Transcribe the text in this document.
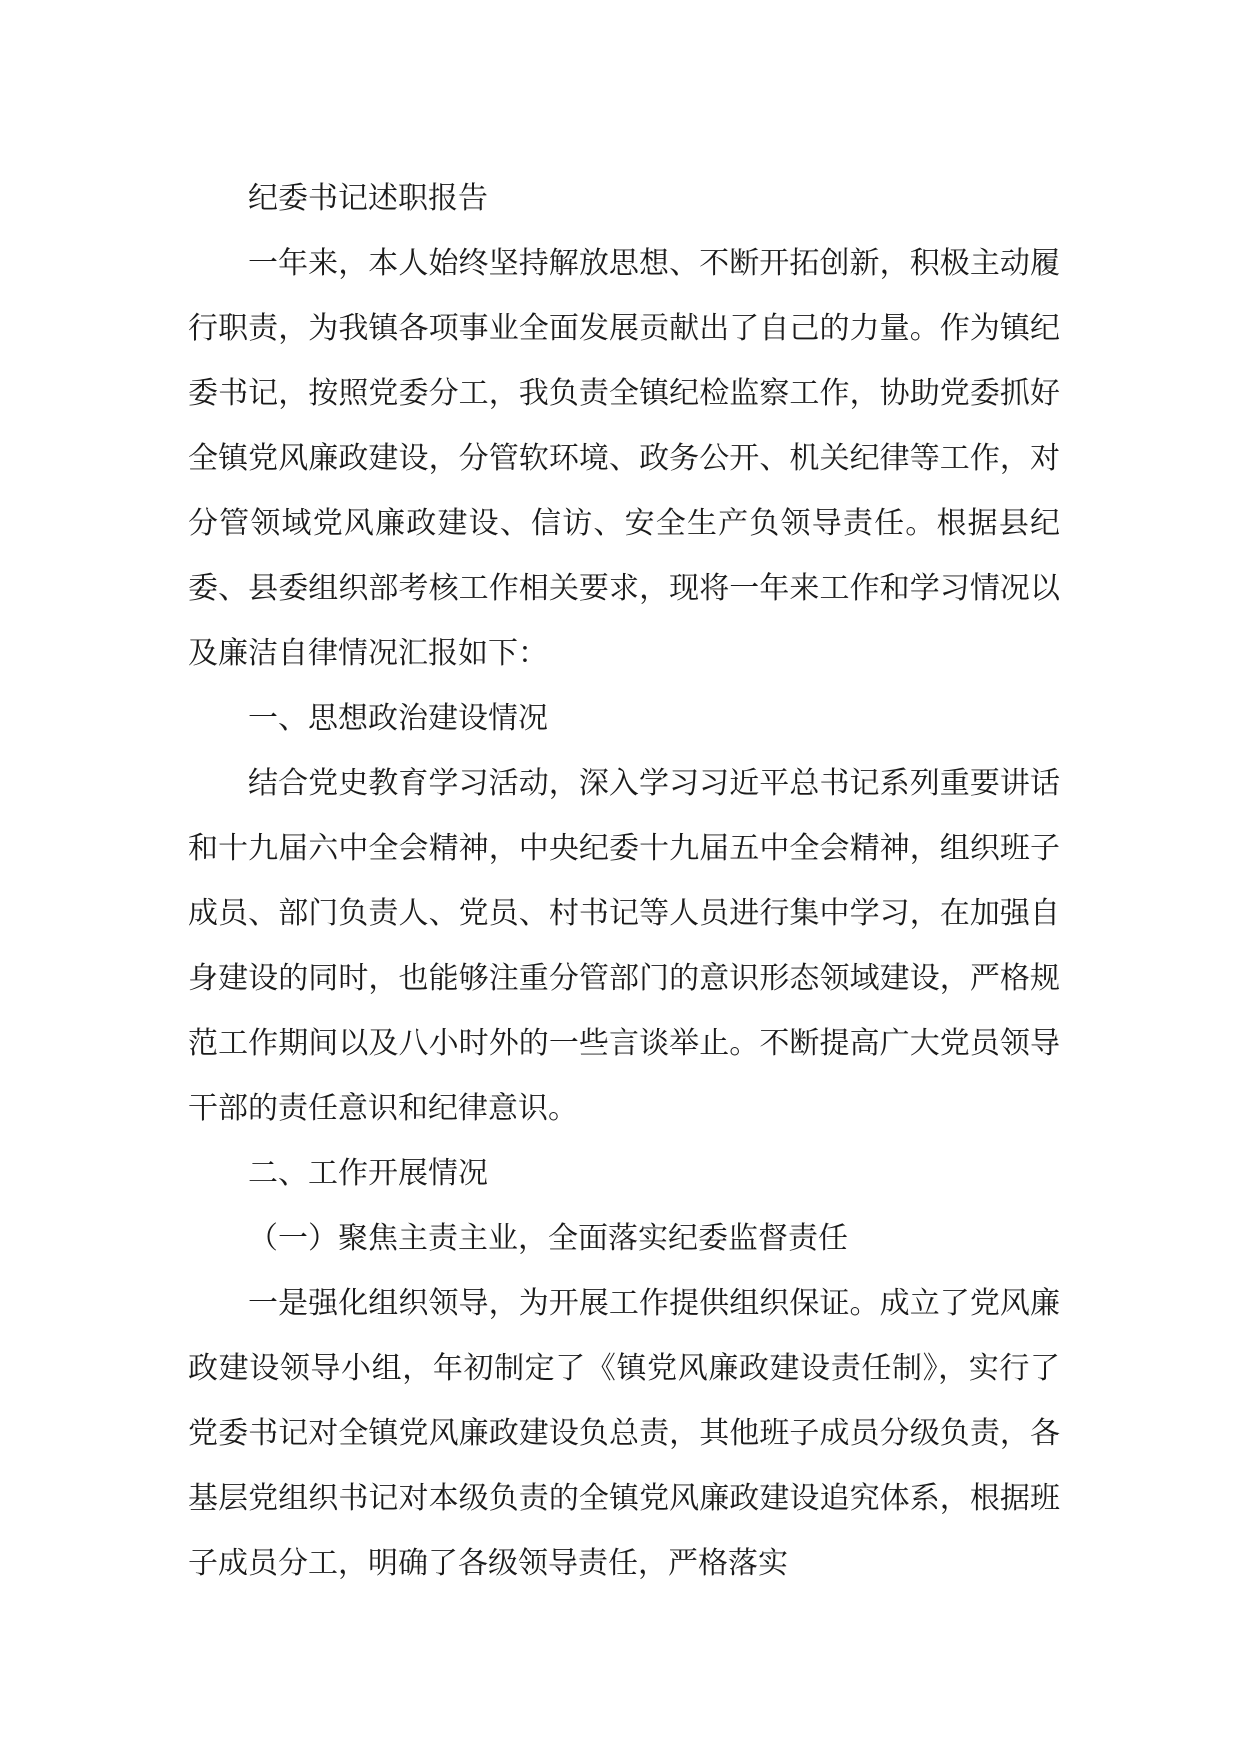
纪委书记述职报告

一年来，本人始终坚持解放思想、不断开拓创新，积极主动履行职责，为我镇各项事业全面发展贡献出了自己的力量。作为镇纪委书记，按照党委分工，我负责全镇纪检监察工作，协助党委抓好全镇党风廉政建设，分管软环境、政务公开、机关纪律等工作，对分管领域党风廉政建设、信访、安全生产负领导责任。根据县纪委、县委组织部考核工作相关要求，现将一年来工作和学习情况以及廉洁自律情况汇报如下：

一、思想政治建设情况

结合党史教育学习活动，深入学习习近平总书记系列重要讲话和十九届六中全会精神，中央纪委十九届五中全会精神，组织班子成员、部门负责人、党员、村书记等人员进行集中学习，在加强自身建设的同时，也能够注重分管部门的意识形态领域建设，严格规范工作期间以及八小时外的一些言谈举止。不断提高广大党员领导干部的责任意识和纪律意识。

二、工作开展情况

（一）聚焦主责主业，全面落实纪委监督责任

一是强化组织领导，为开展工作提供组织保证。成立了党风廉政建设领导小组，年初制定了《镇党风廉政建设责任制》，实行了党委书记对全镇党风廉政建设负总责，其他班子成员分级负责，各基层党组织书记对本级负责的全镇党风廉政建设追究体系，根据班子成员分工，明确了各级领导责任，严格落实
